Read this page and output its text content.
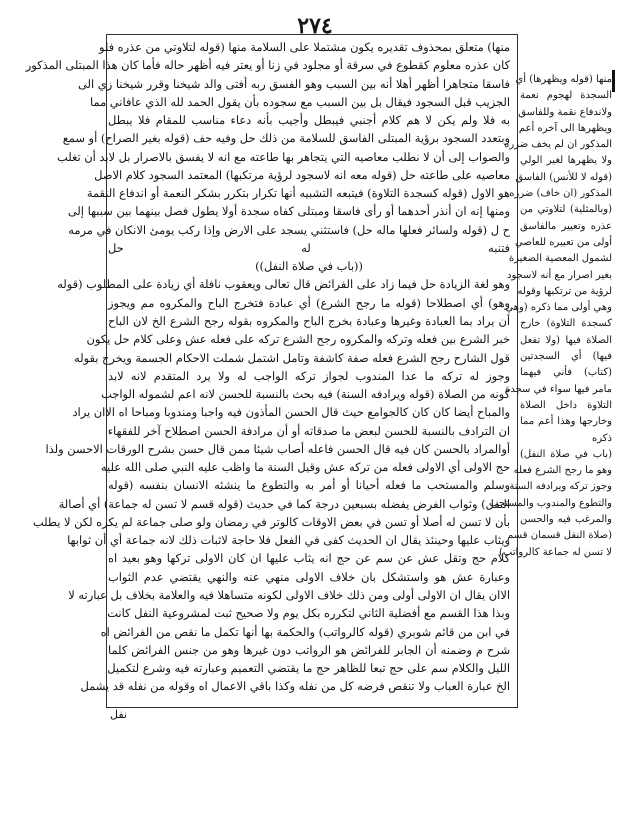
٢٧٤
منها) متعلق بمحذوف تقديره يكون مشتملا على السلامة منها (قوله لتلاوتي من عذره فلو
كان عذره معلوم كقطوع في سرقة أو مجلود في زنا أو يعتر فيه أظهر حاله فأما كان هذا المبتلى المذكور
فاسقا متجاهرا أظهر أهلا أنه بين السبب وهو الفسق ربه أفتى والد شيخنا وقرر شيخنا زي الى
الجزيب قبل السجود فيقال بل بين السبب مع سجوده بأن يقول الحمد لله الذي عافاني مما
به فلا ولم يكن لا هم كلام أجنبي فيبطل وأجيب بأنه دعاء مناسب للمقام فلا يبطل
وبتعدد السجود برؤية المبتلى الفاسق للسلامة من ذلك حل وفيه حف (قوله بغير الصراح) أو سمع
والصواب إلى أن لا نطلب معاصيه التي يتجاهر بها طاعته مع انه لا يفسق بالاصرار بل لابد أن تغلب
معاصيه على طاعته حل (قوله معه انه لاسجود لرؤية مرتكبها) المعتمد السجود كلام الاصل
هو الاول (قوله كسجدة التلاوة) فيتبعه التشبيه أنها تكرار بتكرر بشكر النعمة أو اندفاع النقمة
ومنها إنه ان أنذر أحدهما أو رأى فاسقا ومبتلى كفاه سجدة أولا يطول فصل بينهما بين سببها إلى
ح ل (قوله ولسائر فعلها ماله حل) فاستثني يسجد على الارض وإذا ركب يومئ الانكان في مرمه
فتنبه له حل
((باب في صلاة النفل))
وهو لغة الزيادة حل فيما زاد على الفرائض قال تعالى ويعقوب نافلة أي زيادة على المطلوب (قوله
وهو) أي اصطلاحا (قوله ما رجح الشرع) أي عبادة فتخرج الباح والمكروه مم ويجوز
أن يراد بما العبادة وغيرها وعبادة بخرج الباح والمكروه بقوله رجح الشرع الخ لان الباح
خبر الشرع بين فعله وتركه والمكروه رجح الشرع تركه على فعله عش وعلى كلام حل يكون
قول الشارح رجح الشرع فعله صفة كاشفة وتامل اشتمل شملت الاحكام الجسمة ويخرج بقوله
وجوز له تركه ما عدا المندوب لجواز تركه الواجب له ولا يرد المتقدم لانه لابد
كونه من الصلاة (قوله ويرادفه السنة) فيه بحث بالنسبة للحسن لانه اعم لشموله الواجب
والمباح أيضا كان كان كالجوامع حيث قال الحسن المأذون فيه واجبا ومندوبا ومباحا اه الاان يراد
ان الترادف بالنسبة للحسن لبعض ما صدقاته أو أن مرادفة الحسن اصطلاح آخر للفقهاء
أوالمراد بالحسن كان فيه قال الحسن فاعله أصاب شيئا ممن قال حسن بشرح الورقات الاحسن ولذا
حج الاولى أي الاولى فعله من تركه عش وقيل السنة ما واظب عليه النبي صلى الله عليه
وسلم والمستحب ما فعله أحيانا أو أمر به والتطوع ما ينشئه الانسان بنفسه (قوله
النفل) وثواب الفرض يفضله بسبعين درجة كما في حديث (قوله قسم لا تسن له جماعة) أي أصالة
بأن لا تسن له أصلا أو تسن في بعض الاوقات كالوتر في رمضان ولو صلى جماعة لم يكره لكن لا يطلب
ويثاب عليها وحينئذ يقال ان الحديث كفى في الفعل فلا حاجة لاثبات ذلك لانه جماعة أي أن ثوابها
كلام حج وتقل عش عن سم عن حج انه يثاب عليها ان كان الاولى تركها وهو بعيد اه
وعبارة عش هو واستشكل بان خلاف الاولى منهي عنه والنهي يقتضي عدم الثواب
الاان يقال ان الاولى أولى ومن ذلك خلاف الاولى لكونه متساهلا فيه والعلامة بخلاف بل عبارته لا
وبذا هذا القسم مع أفضلية الثاني لتكرره بكل يوم ولا صحيح ثبت لمشروعية النفل كانت
في ابن من قائم شوبري (قوله كالرواتب) والحكمة بها أنها تكمل ما نقص من الفرائض اه
شرح م وضمنه أن الجابر للفرائض هو الرواتب دون غيرها وهو من جنس الفرائض كلما
الليل والكلام سم على حج تبعا للظاهر حج ما يقتضي التعميم وعبارته فيه وشرع لتكميل
الخ عبارة العباب ولا تنقص فرضه كل من نفله وكذا باقي الاعمال اه وقوله من نفله قد يشمل
منها (قوله ويظهرها) أي
السجدة لهجوم نعمة
ولاندفاع نقمة وللفاسق
ويظهرها الى آخره أعم
المذكور ان لم يخف ضرره
ولا يظهرها لغير الولي
(قوله لا للأنس) الفاسق
المذكور (ان خاف) ضرره
(وبالمثلية) لتلاوتي من
عذره وتعيير مالفاسق
أولى من تعييره للعاصي
لشمول المعصية الصغيرة
بغير اصرار مع أنه لاسجود
لرؤية من ترتكبها وقوله
وهي أولى مما ذكره (وهي
كسجدة التلاوة) خارج
الصلاة فيها (ولا تفعل
فيها) أي السجدتين
(كتاب) فأني فيهما
مامر فيها سواء في سجدة
التلاوة داخل الصلاة
وخارجها وهذا أعم مما
ذكره
(باب في صلاة النفل)
وهو ما رجح الشرع فعله
وجوز تركه ويرادفه السنة
والتطوع والمندوب والمستحب
والمرغب فيه والحسن
(صلاة النفل قسمان قسم
لا تسن له جماعة كالرواتب)
نفل
